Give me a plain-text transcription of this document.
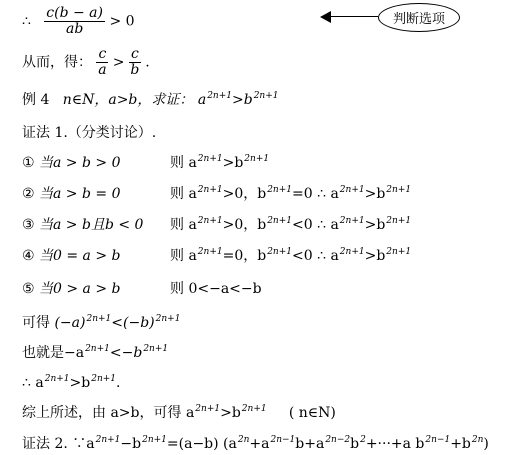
判断选项
∴ $\frac{c(b - a)}{ab} > 0$
从而，得： $\frac{c}{a} > \frac{c}{b}$ .
例 4 n∈N，a>b，求证： $a^{2n+1}>b^{2n+1}$
证法 1.（分类讨论）.
① 当a > b > 0	则 $a^{2n+1}>b^{2n+1}$
② 当a > b = 0	则 $a^{2n+1}>0$，$b^{2n+1}=0$ ∴ $a^{2n+1}>b^{2n+1}$
③ 当a > b且b < 0 则 $a^{2n+1}>0$，$b^{2n+1}<0$ ∴ $a^{2n+1}>b^{2n+1}$
④ 当0 = a > b	则 $a^{2n+1}=0$，$b^{2n+1}<0$ ∴ $a^{2n+1}>b^{2n+1}$
⑤ 当0 > a > b	则 0<−a<−b
可得 $(-a)^{2n+1}<(-b)^{2n+1}$
也就是$-a^{2n+1}<-b^{2n+1}$
∴ $a^{2n+1}>b^{2n+1}$.
综上所述，由 a>b，可得 $a^{2n+1}>b^{2n+1}$ ( n∈N)
证法 2. $\because a^{2n+1}-b^{2n+1}=(a-b)$ ($a^{2n}+a^{2n-1}b+a^{2n-2}b^2+\cdot\cdot\cdot+a$ $b^{2n-1}+b^{2n}$)
